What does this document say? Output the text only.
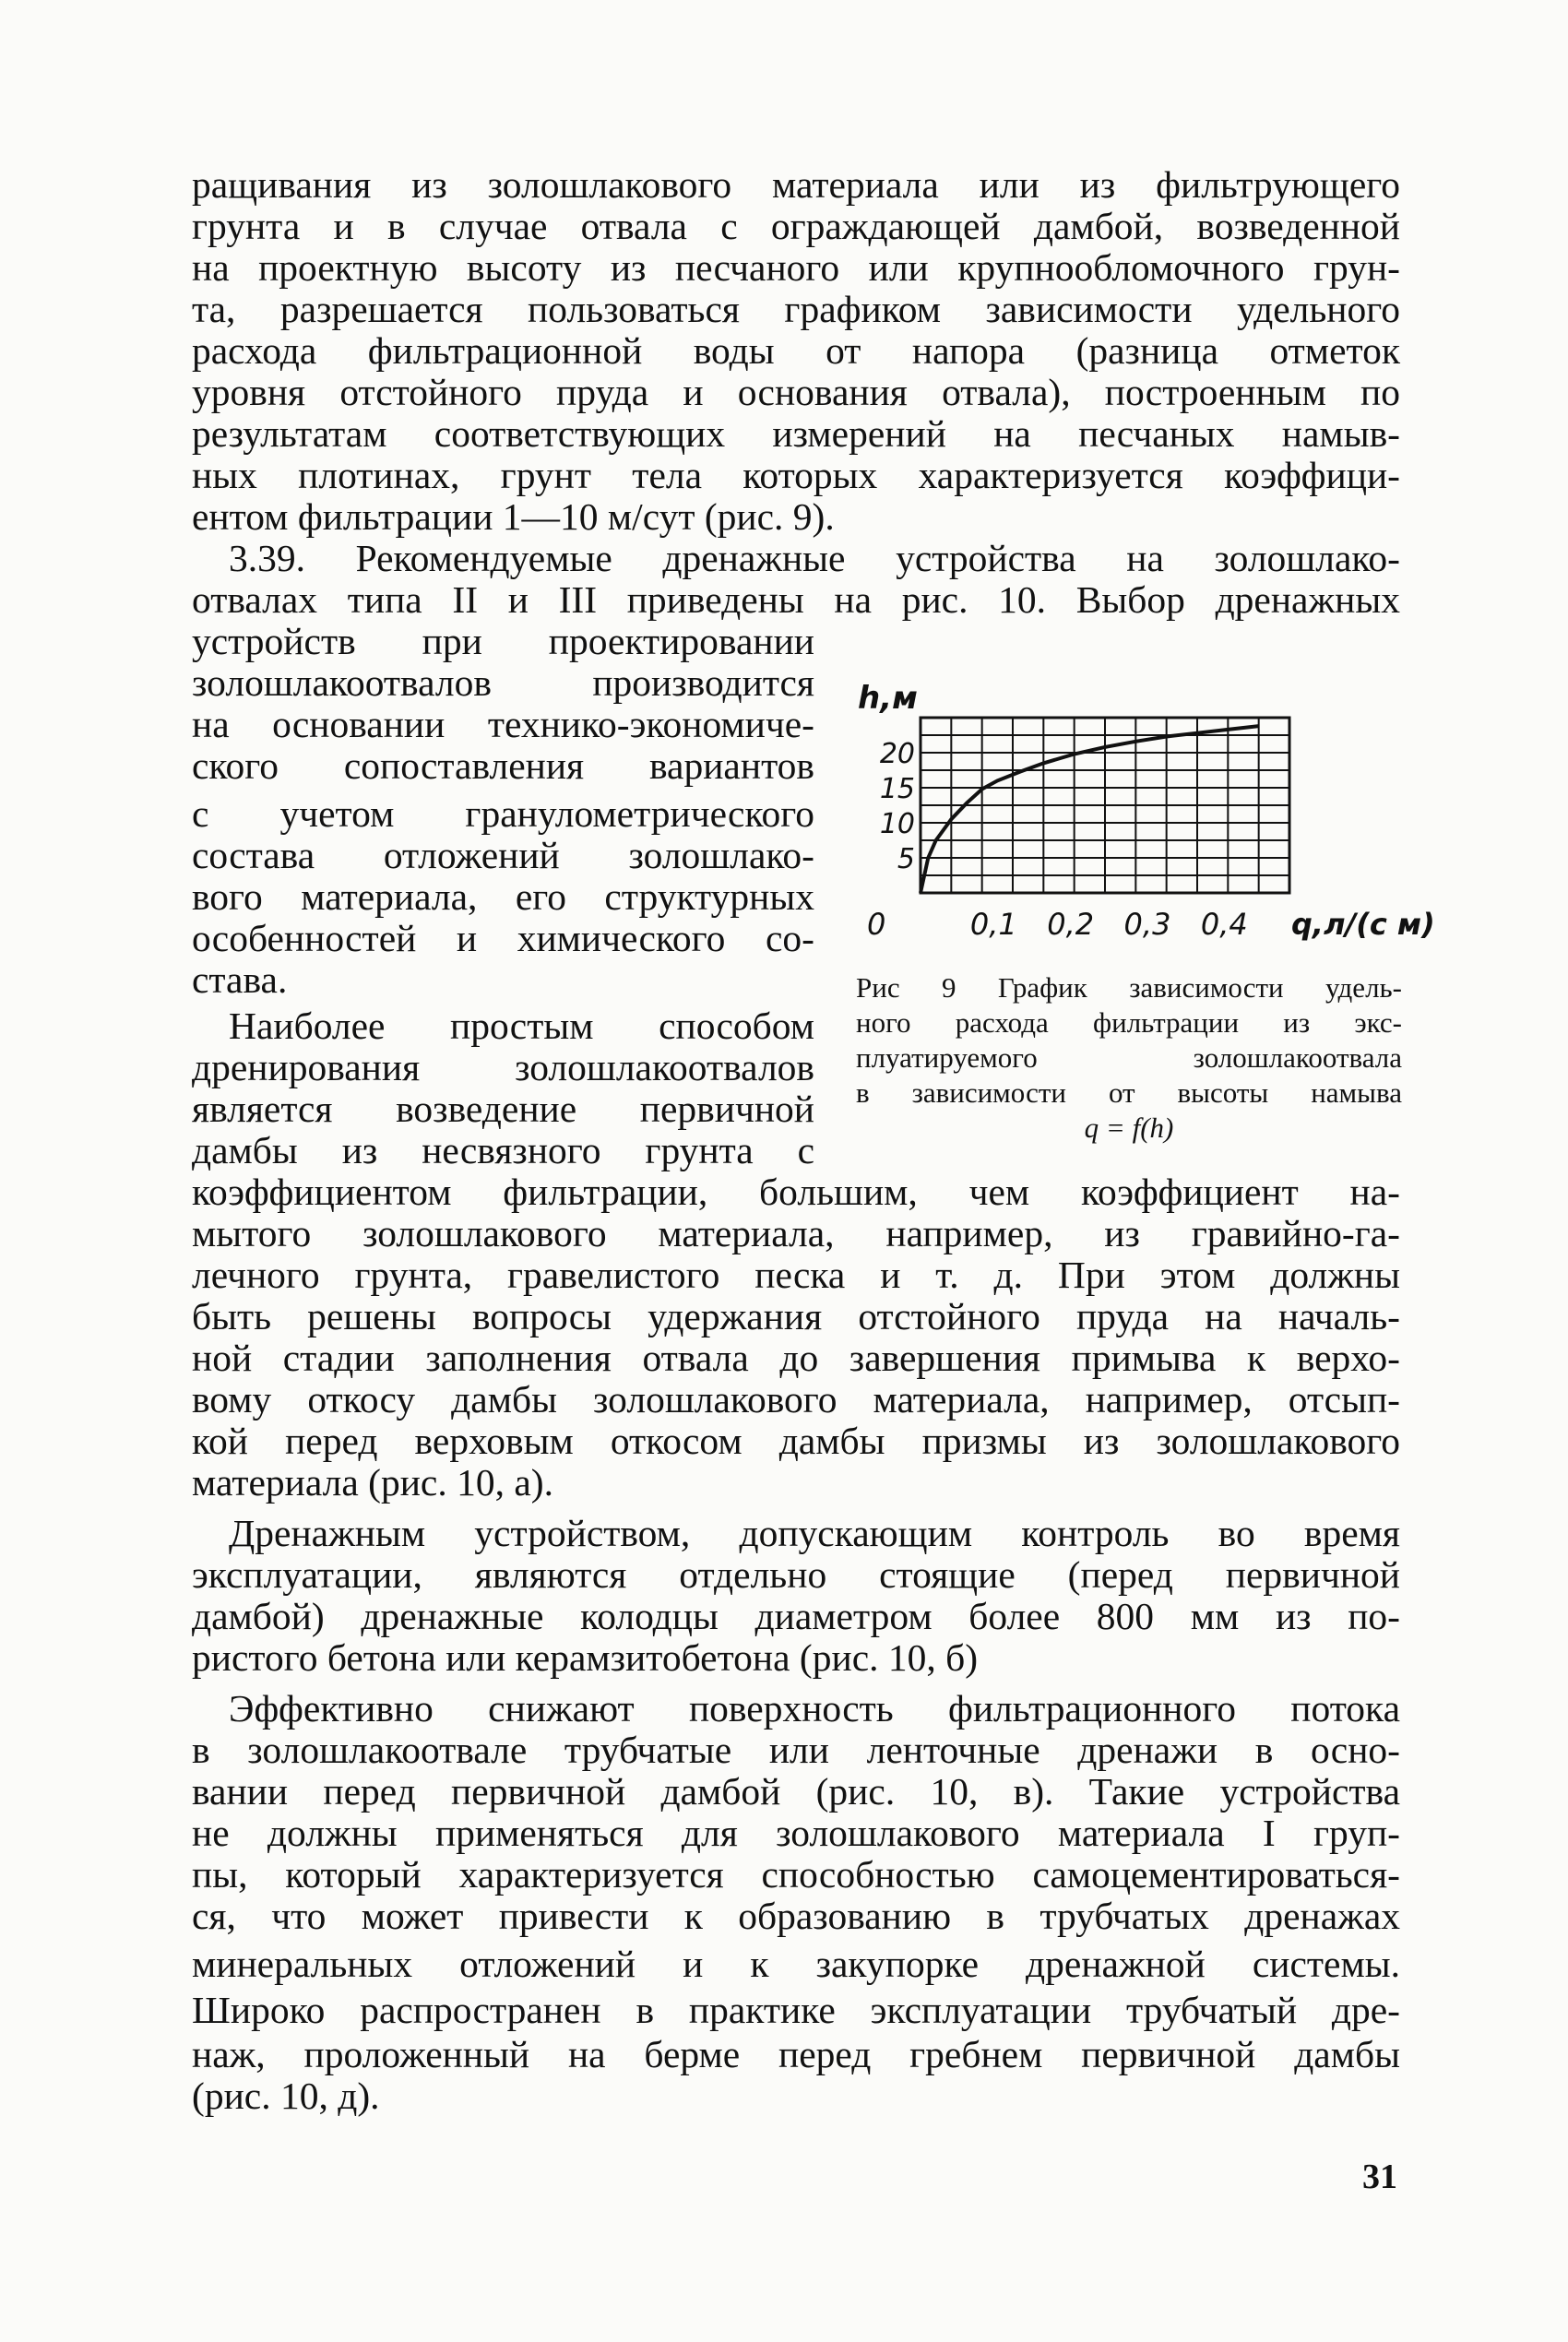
ращивания из золошлакового материала или из фильтрующего
грунта и в случае отвала с ограждающей дамбой, возведенной
на проектную высоту из песчаного или крупнообломочного грун-
та, разрешается пользоваться графиком зависимости удельного
расхода фильтрационной воды от напора (разница отметок
уровня отстойного пруда и основания отвала), построенным по
результатам соответствующих измерений на песчаных намыв-
ных плотинах, грунт тела которых характеризуется коэффици-
ентом фильтрации 1—10 м/сут (рис. 9).
3.39. Рекомендуемые дренажные устройства на золошлако-
отвалах типа II и III приведены на рис. 10. Выбор дренажных
устройств при проектировании
золошлакоотвалов производится
на основании технико-экономиче-
ского сопоставления вариантов
с учетом гранулометрического
состава отложений золошлако-
вого материала, его структурных
особенностей и химического со-
става.
Наиболее простым способом
дренирования золошлакоотвалов
является возведение первичной
дамбы из несвязного грунта с
коэффициентом фильтрации, большим, чем коэффициент на-
мытого золошлакового материала, например, из гравийно-га-
лечного грунта, гравелистого песка и т. д. При этом должны
быть решены вопросы удержания отстойного пруда на началь-
ной стадии заполнения отвала до завершения примыва к верхо-
вому откосу дамбы золошлакового материала, например, отсып-
кой перед верховым откосом дамбы призмы из золошлакового
материала (рис. 10, а).
Дренажным устройством, допускающим контроль во время
эксплуатации, являются отдельно стоящие (перед первичной
дамбой) дренажные колодцы диаметром более 800 мм из по-
ристого бетона или керамзитобетона (рис. 10, б)
Эффективно снижают поверхность фильтрационного потока
в золошлакоотвале трубчатые или ленточные дренажи в осно-
вании перед первичной дамбой (рис. 10, в). Такие устройства
не должны применяться для золошлакового материала I груп-
пы, который характеризуется способностью самоцементироваться-
ся, что может привести к образованию в трубчатых дренажах
минеральных отложений и к закупорке дренажной системы.
Широко распространен в практике эксплуатации трубчатый дре-
наж, проложенный на берме перед гребнем первичной дамбы
(рис. 10, д).
5
10
15
20
0	0,1 0,2 0,3 0,4
h,м
q,л/(с м)
Рис 9 График зависимости удель-
ного расхода фильтрации из экс-
плуатируемого золошлакоотвала
в зависимости от высоты намыва
q = f(h)
31
